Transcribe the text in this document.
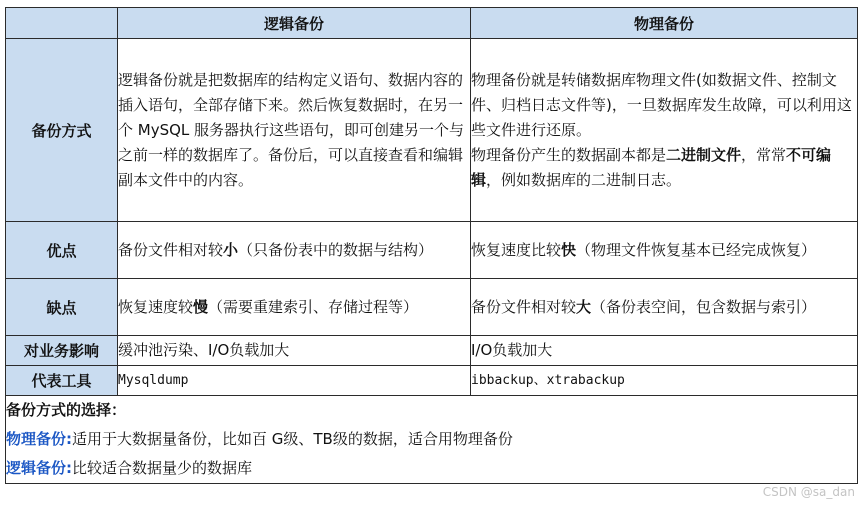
	逻辑备份	物理备份
备份方式	逻辑备份就是把数据库的结构定义语句、数据内容的插入语句，全部存储下来。然后恢复数据时，在另一个 MySQL 服务器执行这些语句，即可创建另一个与之前一样的数据库了。备份后，可以直接查看和编辑副本文件中的内容。	物理备份就是转储数据库物理文件(如数据文件、控制文件、归档日志文件等)，一旦数据库发生故障，可以利用这些文件进行还原。
物理备份产生的数据副本都是二进制文件，常常不可编辑，例如数据库的二进制日志。

优点	备份文件相对较小（只备份表中的数据与结构）	恢复速度比较快（物理文件恢复基本已经完成恢复）
缺点	恢复速度较慢（需要重建索引、存储过程等）	备份文件相对较大（备份表空间，包含数据与索引）
对业务影响	缓冲池污染、I/O负载加大	I/O负载加大
代表工具	Mysqldump	ibbackup、xtrabackup

备份方式的选择：
物理备份:适用于大数据量备份，比如百 G级、TB级的数据，适合用物理备份
逻辑备份:比较适合数据量少的数据库		
CSDN @sa_dan
